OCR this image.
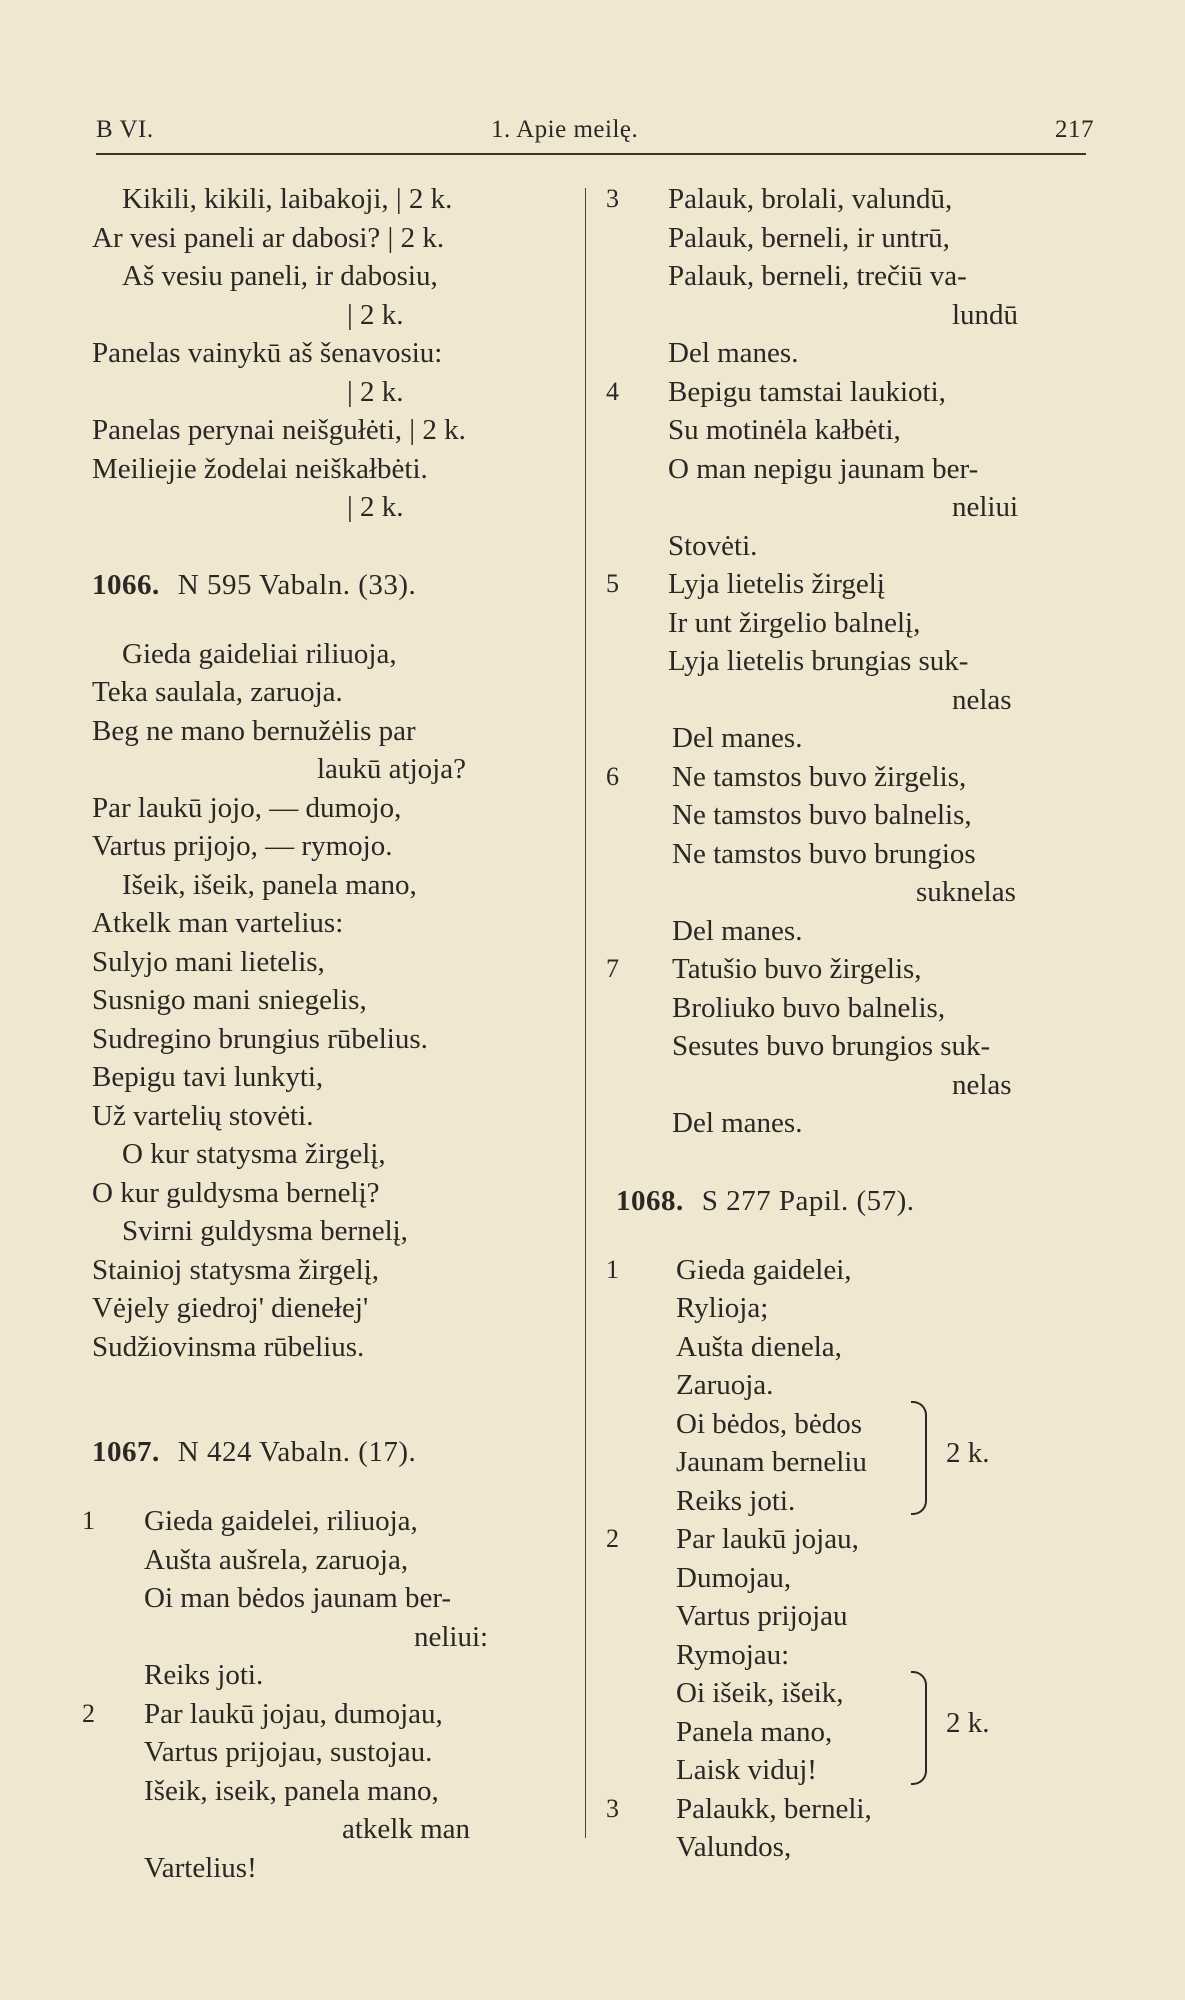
B VI.	1. Apie meilę.	217
Kikili, kikili, laibakoji, | 2 k.
Ar vesi paneli ar dabosi? | 2 k.
Aš vesiu paneli, ir dabosiu,
| 2 k.
Panelas vainykū aš šenavosiu:
| 2 k.
Panelas perynai neišgułėti, | 2 k.
Meiliejie žodelai neiškałbėti.
| 2 k.
1066. N 595 Vabaln. (33).
Gieda gaideliai riliuoja,
Teka saulala, zaruoja.
Beg ne mano bernužėlis par
laukū atjoja?
Par laukū jojo, — dumojo,
Vartus prijojo, — rymojo.
Išeik, išeik, panela mano,
Atkelk man vartelius:
Sulyjo mani lietelis,
Susnigo mani sniegelis,
Sudregino brungius rūbelius.
Bepigu tavi lunkyti,
Už vartelių stovėti.
O kur statysma žirgelį,
O kur guldysma bernelį?
Svirni guldysma bernelį,
Stainioj statysma žirgelį,
Vėjely giedroj' dienełej'
Sudžiovinsma rūbelius.
1067. N 424 Vabaln. (17).
1 Gieda gaidelei, riliuoja,
Aušta aušrela, zaruoja,
Oi man bėdos jaunam ber-
neliui:
Reiks joti.
2 Par laukū jojau, dumojau,
Vartus prijojau, sustojau.
Išeik, iseik, panela mano,
atkelk man
Vartelius!
3 Palauk, brolali, valundū,
Palauk, berneli, ir untrū,
Palauk, berneli, trečiū va-
lundū
Del manes.
4 Bepigu tamstai laukioti,
Su motinėla kałbėti,
O man nepigu jaunam ber-
neliui
Stovėti.
5 Lyja lietelis žirgelį
Ir unt žirgelio balnelį,
Lyja lietelis brungias suk-
nelas
Del manes.
6 Ne tamstos buvo žirgelis,
Ne tamstos buvo balnelis,
Ne tamstos buvo brungios
suknelas
Del manes.
7 Tatušio buvo žirgelis,
Broliuko buvo balnelis,
Sesutes buvo brungios suk-
nelas
Del manes.
1068. S 277 Papil. (57).
1 Gieda gaidelei,
Rylioja;
Aušta dienela,
Zaruoja.
Oi bėdos, bėdos
Jaunam berneliu
Reiks joti.
2 Par laukū jojau,
Dumojau,
Vartus prijojau
Rymojau:
Oi išeik, išeik,
Panela mano,
Laisk viduj!
3 Palaukk, berneli,
Valundos,
2 k.
2 k.
